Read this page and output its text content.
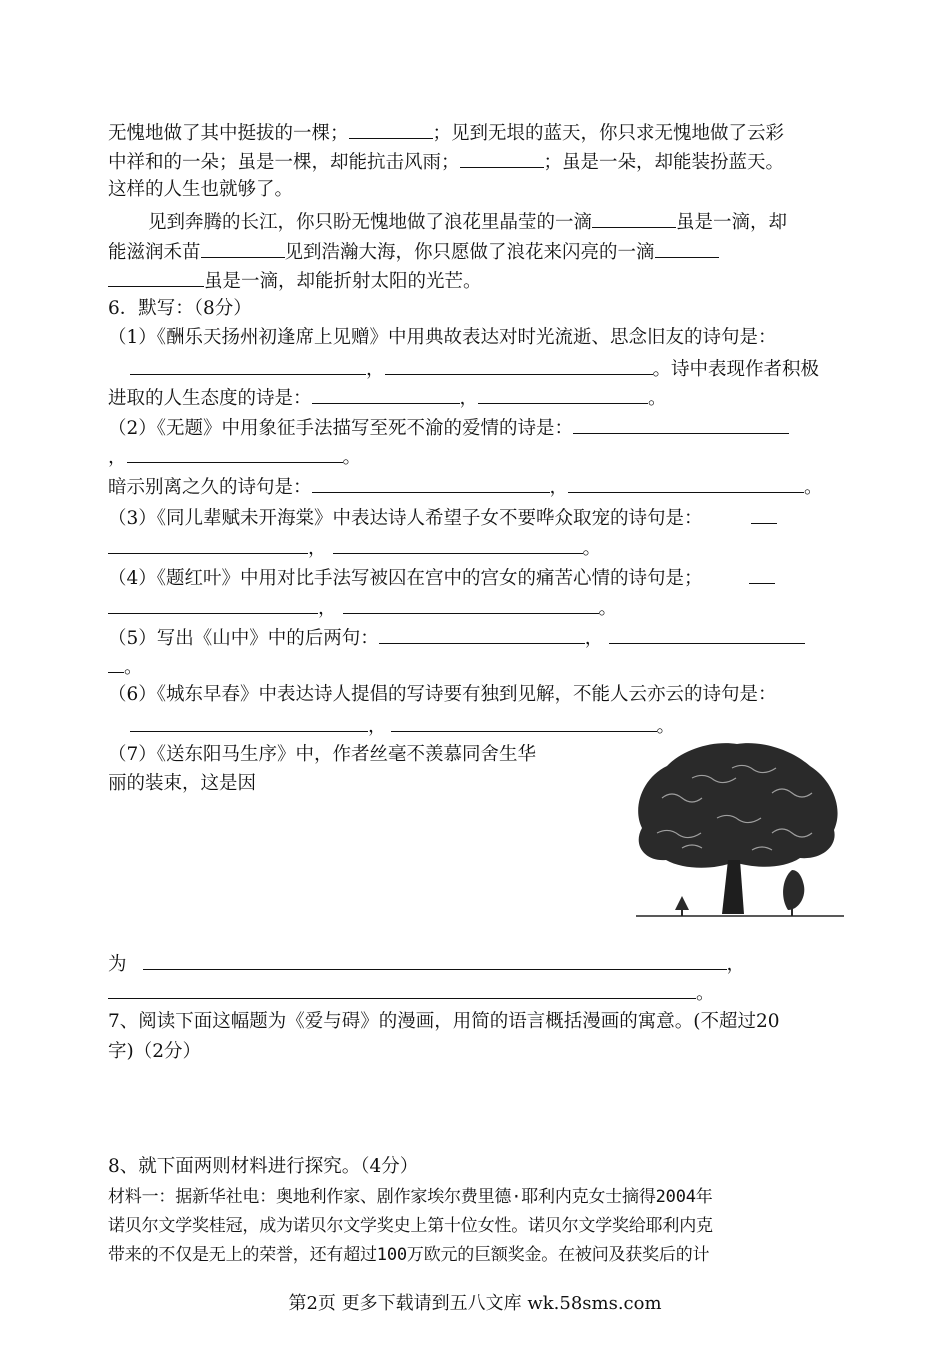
无愧地做了其中挺拔的一棵；	；见到无垠的蓝天，你只求无愧地做了云彩
中祥和的一朵；虽是一棵，却能抗击风雨；	；虽是一朵，却能装扮蓝天。
这样的人生也就够了。
见到奔腾的长江，你只盼无愧地做了浪花里晶莹的一滴	虽是一滴，却
能滋润禾苗	见到浩瀚大海，你只愿做了浪花来闪亮的一滴
虽是一滴，却能折射太阳的光芒。
6．默写：（8分）
（1）《酬乐天扬州初逢席上见赠》中用典故表达对时光流逝、思念旧友的诗句是：
，	。诗中表现作者积极
进取的人生态度的诗是：	，	。
（2）《无题》中用象征手法描写至死不渝的爱情的诗是：
，	。
暗示别离之久的诗句是：	，	。
（3）《同儿辈赋未开海棠》中表达诗人希望子女不要哗众取宠的诗句是：
，	。
（4）《题红叶》中用对比手法写被囚在宫中的宫女的痛苦心情的诗句是；
，	。
（5）写出《山中》中的后两句：	，
。
（6）《城东早春》中表达诗人提倡的写诗要有独到见解，不能人云亦云的诗句是：
，	。
（7）《送东阳马生序》中，作者丝毫不羡慕同舍生华
丽的装束，这是因
为	，
。
7、阅读下面这幅题为《爱与碍》的漫画，用简的语言概括漫画的寓意。(不超过20
字)（2分）
8、就下面两则材料进行探究。（4分）
材料一：据新华社电：奥地利作家、剧作家埃尔费里德·耶利内克女士摘得2004年
诺贝尔文学奖桂冠，成为诺贝尔文学奖史上第十位女性。诺贝尔文学奖给耶利内克
带来的不仅是无上的荣誉，还有超过100万欧元的巨额奖金。在被问及获奖后的计
第2页 更多下载请到五八文库 wk.58sms.com
